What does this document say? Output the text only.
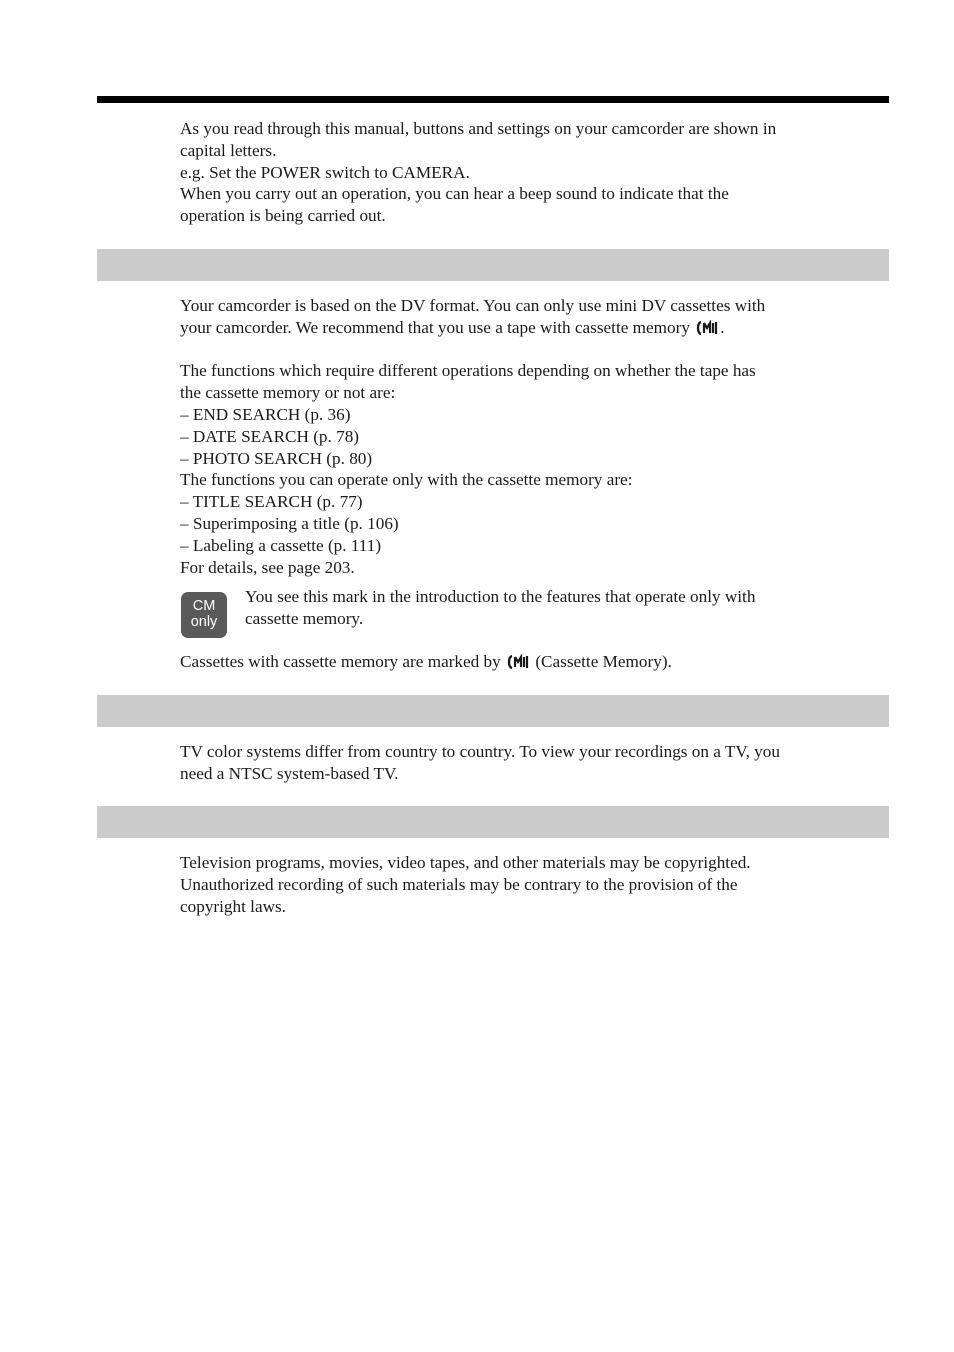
As you read through this manual, buttons and settings on your camcorder are shown in
capital letters.
e.g. Set the POWER switch to CAMERA.
When you carry out an operation, you can hear a beep sound to indicate that the
operation is being carried out.
Your camcorder is based on the DV format. You can only use mini DV cassettes with
your camcorder. We recommend that you use a tape with cassette memory .
The functions which require different operations depending on whether the tape has
the cassette memory or not are:
– END SEARCH (p. 36)
– DATE SEARCH (p. 78)
– PHOTO SEARCH (p. 80)
The functions you can operate only with the cassette memory are:
– TITLE SEARCH (p. 77)
– Superimposing a title (p. 106)
– Labeling a cassette (p. 111)
For details, see page 203.
CM
only
You see this mark in the introduction to the features that operate only with
cassette memory.
Cassettes with cassette memory are marked by (Cassette Memory).
TV color systems differ from country to country. To view your recordings on a TV, you
need a NTSC system-based TV.
Television programs, movies, video tapes, and other materials may be copyrighted.
Unauthorized recording of such materials may be contrary to the provision of the
copyright laws.
